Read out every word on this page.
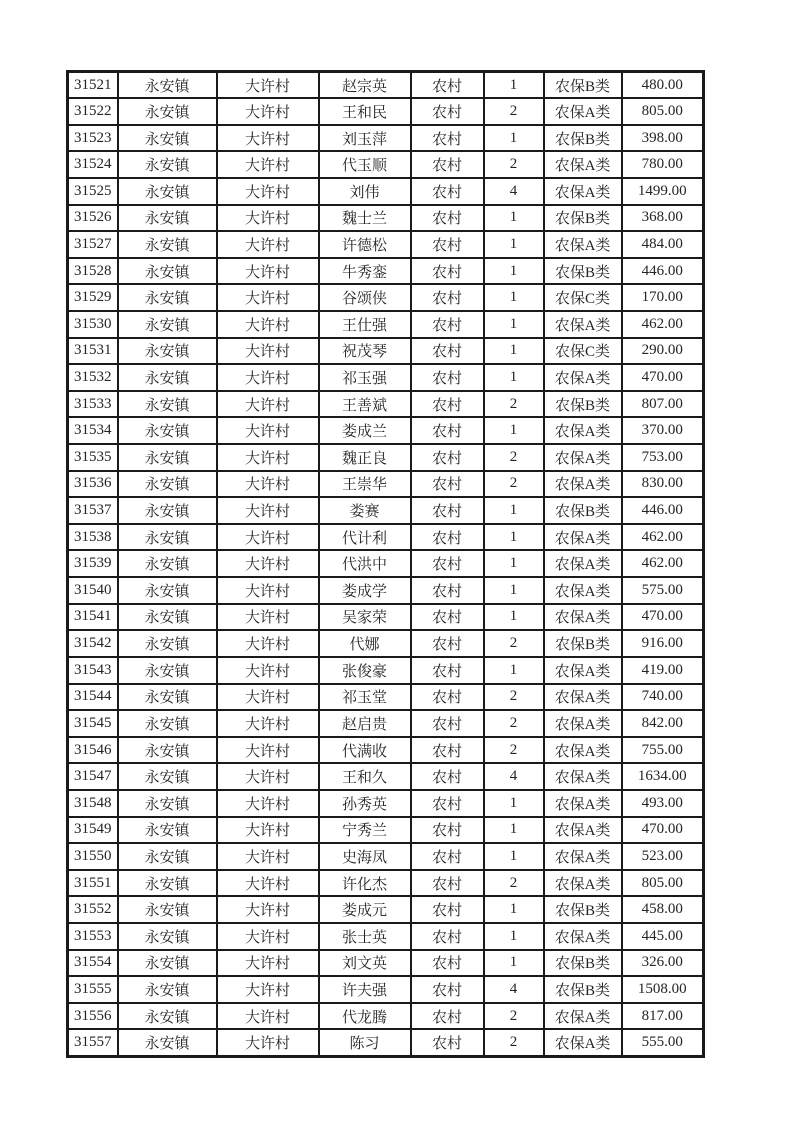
31521	永安镇	大许村	赵宗英	农村	1	农保B类	480.00
31522	永安镇	大许村	王和民	农村	2	农保A类	805.00
31523	永安镇	大许村	刘玉萍	农村	1	农保B类	398.00
31524	永安镇	大许村	代玉顺	农村	2	农保A类	780.00
31525	永安镇	大许村	刘伟	农村	4	农保A类	1499.00
31526	永安镇	大许村	魏士兰	农村	1	农保B类	368.00
31527	永安镇	大许村	许德松	农村	1	农保A类	484.00
31528	永安镇	大许村	牛秀銮	农村	1	农保B类	446.00
31529	永安镇	大许村	谷颂侠	农村	1	农保C类	170.00
31530	永安镇	大许村	王仕强	农村	1	农保A类	462.00
31531	永安镇	大许村	祝茂琴	农村	1	农保C类	290.00
31532	永安镇	大许村	祁玉强	农村	1	农保A类	470.00
31533	永安镇	大许村	王善斌	农村	2	农保B类	807.00
31534	永安镇	大许村	娄成兰	农村	1	农保A类	370.00
31535	永安镇	大许村	魏正良	农村	2	农保A类	753.00
31536	永安镇	大许村	王崇华	农村	2	农保A类	830.00
31537	永安镇	大许村	娄赛	农村	1	农保B类	446.00
31538	永安镇	大许村	代计利	农村	1	农保A类	462.00
31539	永安镇	大许村	代洪中	农村	1	农保A类	462.00
31540	永安镇	大许村	娄成学	农村	1	农保A类	575.00
31541	永安镇	大许村	吴家荣	农村	1	农保A类	470.00
31542	永安镇	大许村	代娜	农村	2	农保B类	916.00
31543	永安镇	大许村	张俊豪	农村	1	农保A类	419.00
31544	永安镇	大许村	祁玉堂	农村	2	农保A类	740.00
31545	永安镇	大许村	赵启贵	农村	2	农保A类	842.00
31546	永安镇	大许村	代满收	农村	2	农保A类	755.00
31547	永安镇	大许村	王和久	农村	4	农保A类	1634.00
31548	永安镇	大许村	孙秀英	农村	1	农保A类	493.00
31549	永安镇	大许村	宁秀兰	农村	1	农保A类	470.00
31550	永安镇	大许村	史海凤	农村	1	农保A类	523.00
31551	永安镇	大许村	许化杰	农村	2	农保A类	805.00
31552	永安镇	大许村	娄成元	农村	1	农保B类	458.00
31553	永安镇	大许村	张士英	农村	1	农保A类	445.00
31554	永安镇	大许村	刘文英	农村	1	农保B类	326.00
31555	永安镇	大许村	许夫强	农村	4	农保B类	1508.00
31556	永安镇	大许村	代龙腾	农村	2	农保A类	817.00
31557	永安镇	大许村	陈习	农村	2	农保A类	555.00
